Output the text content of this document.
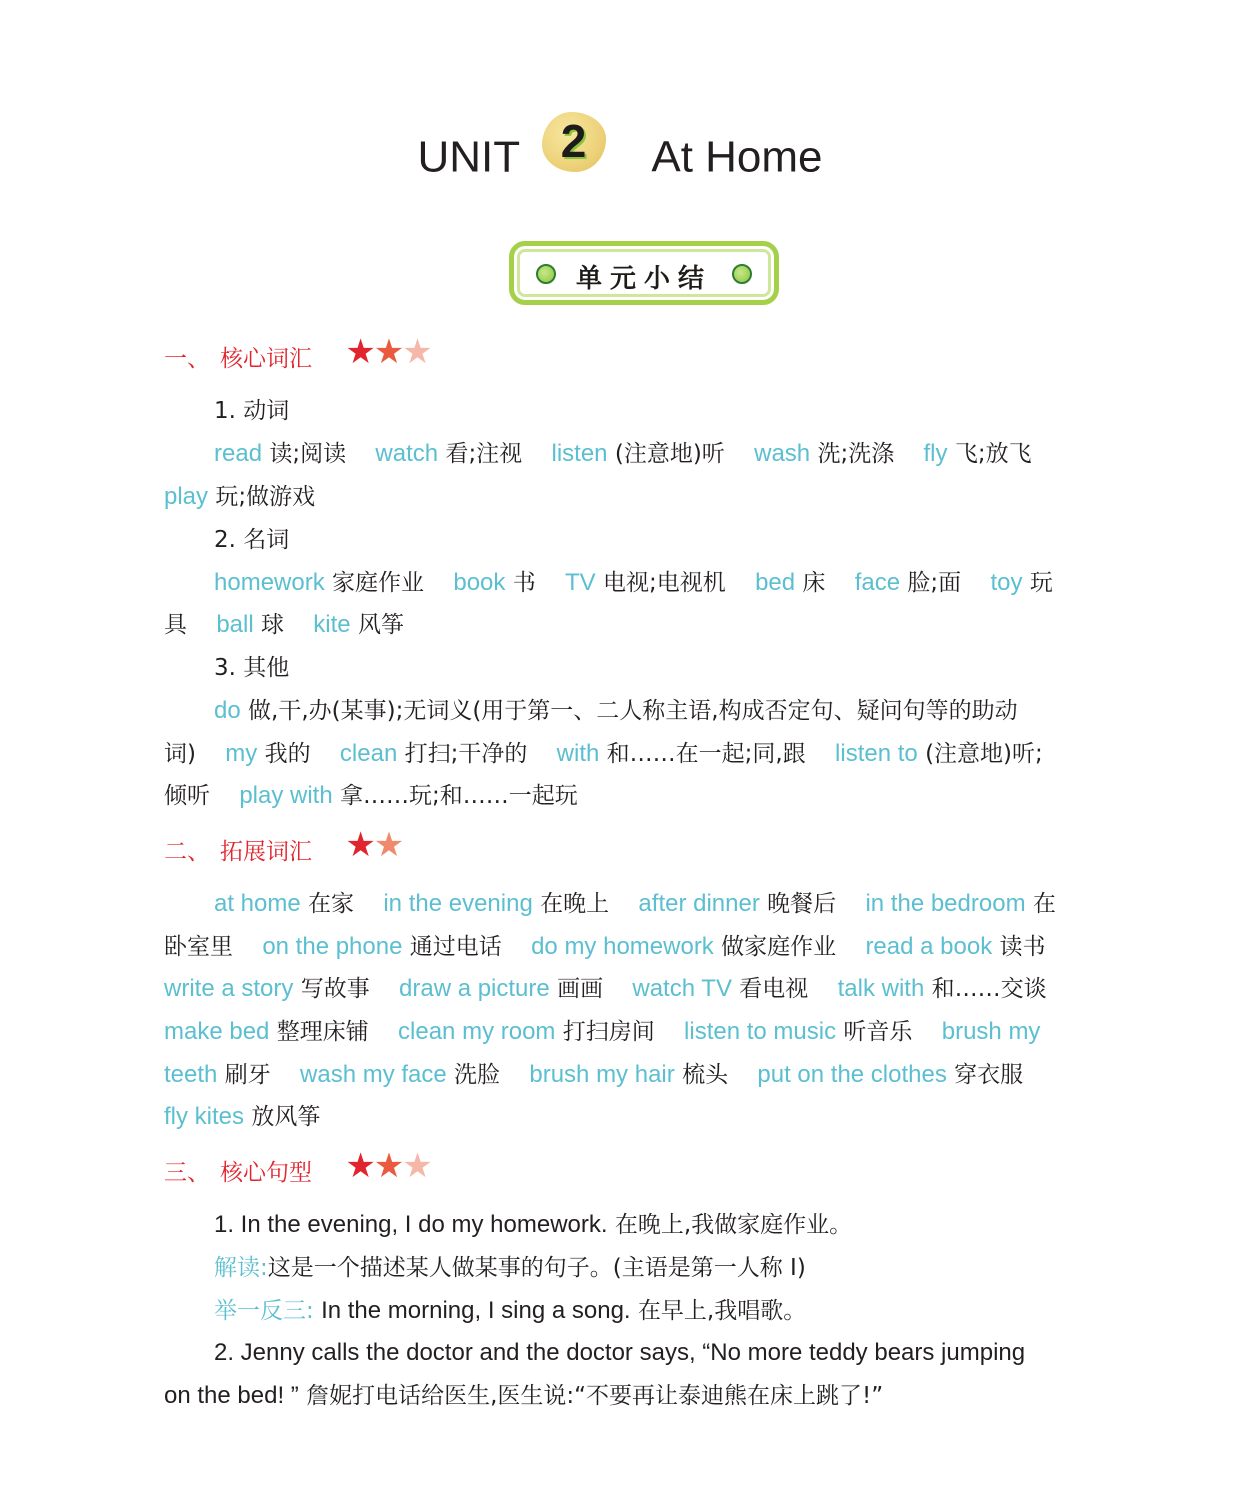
UNIT 2 At Home
单元小结
一、 核心词汇 ★★★
1. 动词
read 读;阅读 watch 看;注视 listen (注意地)听 wash 洗;洗涤 fly 飞;放飞
play 玩;做游戏
2. 名词
homework 家庭作业 book 书 TV 电视;电视机 bed 床 face 脸;面 toy 玩
具 ball 球 kite 风筝
3. 其他
do 做,干,办(某事);无词义(用于第一、二人称主语,构成否定句、疑问句等的助动
词) my 我的 clean 打扫;干净的 with 和……在一起;同,跟 listen to (注意地)听;
倾听 play with 拿……玩;和……一起玩
二、 拓展词汇 ★★
at home 在家 in the evening 在晚上 after dinner 晚餐后 in the bedroom 在
卧室里 on the phone 通过电话 do my homework 做家庭作业 read a book 读书
write a story 写故事 draw a picture 画画 watch TV 看电视 talk with 和……交谈
make bed 整理床铺 clean my room 打扫房间 listen to music 听音乐 brush my
teeth 刷牙 wash my face 洗脸 brush my hair 梳头 put on the clothes 穿衣服
fly kites 放风筝
三、 核心句型 ★★★
1. In the evening, I do my homework. 在晚上,我做家庭作业。
解读:这是一个描述某人做某事的句子。(主语是第一人称 I)
举一反三: In the morning, I sing a song. 在早上,我唱歌。
2. Jenny calls the doctor and the doctor says, “No more teddy bears jumping
on the bed! ” 詹妮打电话给医生,医生说:“不要再让泰迪熊在床上跳了!”
